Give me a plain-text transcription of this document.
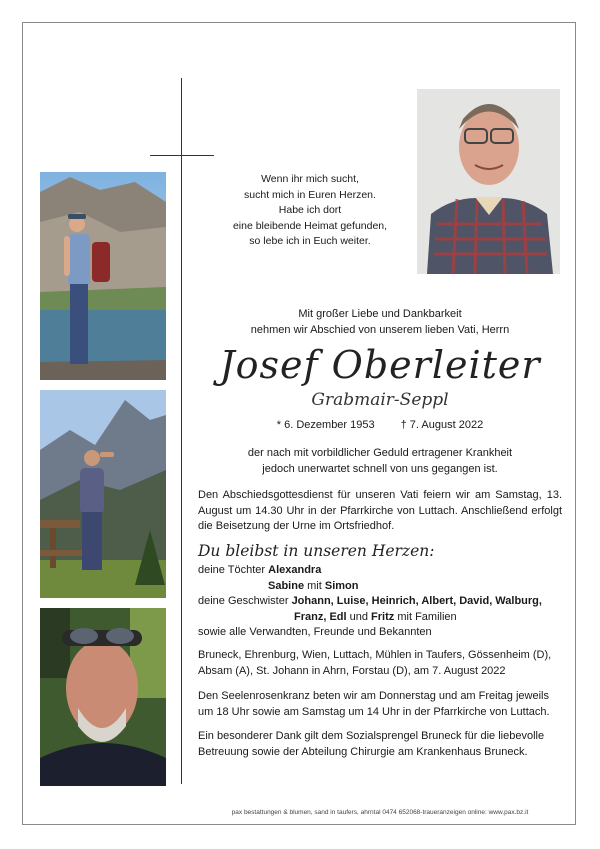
Wenn ihr mich sucht,
sucht mich in Euren Herzen.
Habe ich dort
eine bleibende Heimat gefunden,
so lebe ich in Euch weiter.
Mit großer Liebe und Dankbarkeit
nehmen wir Abschied von unserem lieben Vati, Herrn
Josef Oberleiter
Grabmair-Seppl
* 6. Dezember 1953 † 7. August 2022
der nach mit vorbildlicher Geduld ertragener Krankheit
jedoch unerwartet schnell von uns gegangen ist.

Den Abschiedsgottesdienst für unseren Vati feiern wir am Samstag, 13. August um 14.30 Uhr in der Pfarrkirche von Luttach. Anschließend erfolgt die Beisetzung der Urne im Ortsfriedhof.

Du bleibst in unseren Herzen:
deine Töchter Alexandra
Sabine mit Simon
deine Geschwister Johann, Luise, Heinrich, Albert, David, Walburg,
Franz, Edl und Fritz mit Familien
sowie alle Verwandten, Freunde und Bekannten
Bruneck, Ehrenburg, Wien, Luttach, Mühlen in Taufers, Gössenheim (D),
Absam (A), St. Johann in Ahrn, Forstau (D), am 7. August 2022
Den Seelenrosenkranz beten wir am Donnerstag und am Freitag jeweils
um 18 Uhr sowie am Samstag um 14 Uhr in der Pfarrkirche von Luttach.
Ein besonderer Dank gilt dem Sozialsprengel Bruneck für die liebevolle
Betreuung sowie der Abteilung Chirurgie am Krankenhaus Bruneck.
pax bestattungen & blumen, sand in taufers, ahrntal 0474 652068-traueranzeigen online: www.pax.bz.it
